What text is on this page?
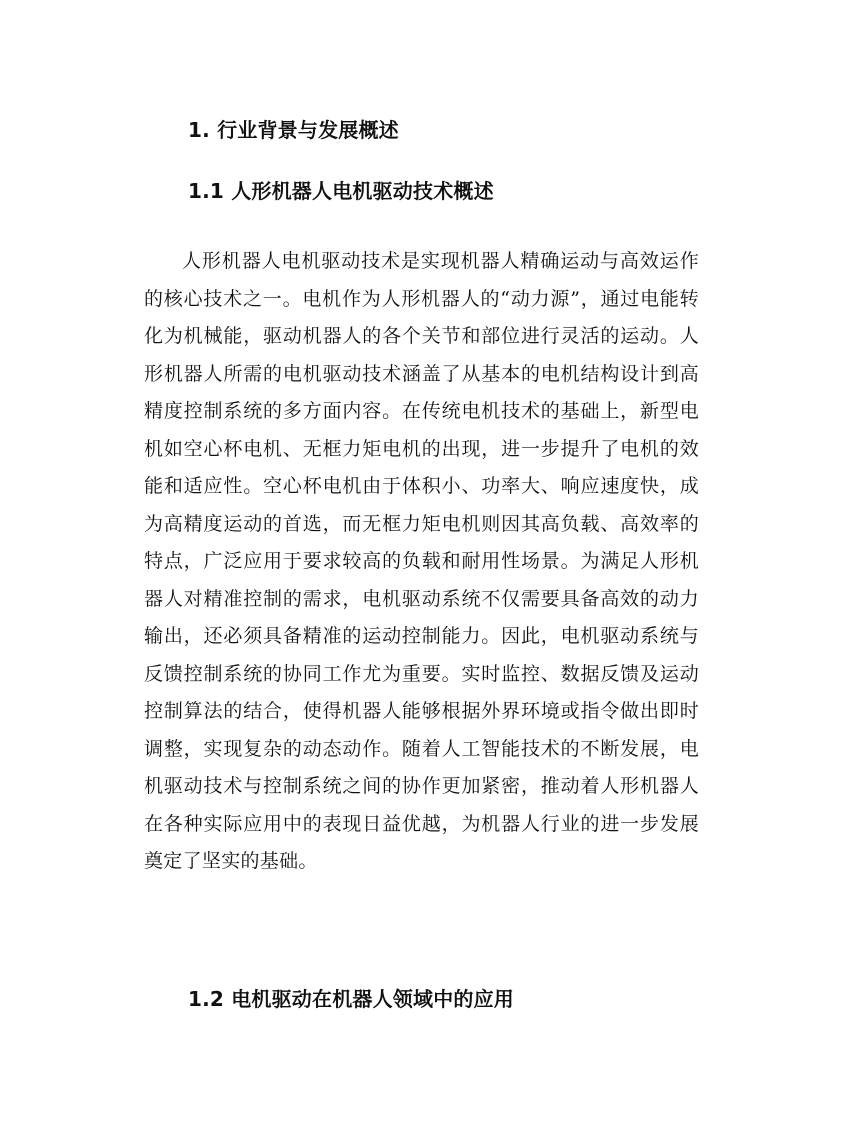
1. 行业背景与发展概述
1.1 人形机器人电机驱动技术概述

人形机器人电机驱动技术是实现机器人精确运动与高效运作的核心技术之一。电机作为人形机器人的“动力源”，通过电能转化为机械能，驱动机器人的各个关节和部位进行灵活的运动。人形机器人所需的电机驱动技术涵盖了从基本的电机结构设计到高精度控制系统的多方面内容。在传统电机技术的基础上，新型电机如空心杯电机、无框力矩电机的出现，进一步提升了电机的效能和适应性。空心杯电机由于体积小、功率大、响应速度快，成为高精度运动的首选，而无框力矩电机则因其高负载、高效率的特点，广泛应用于要求较高的负载和耐用性场景。为满足人形机器人对精准控制的需求，电机驱动系统不仅需要具备高效的动力输出，还必须具备精准的运动控制能力。因此，电机驱动系统与反馈控制系统的协同工作尤为重要。实时监控、数据反馈及运动控制算法的结合，使得机器人能够根据外界环境或指令做出即时调整，实现复杂的动态动作。随着人工智能技术的不断发展，电机驱动技术与控制系统之间的协作更加紧密，推动着人形机器人在各种实际应用中的表现日益优越，为机器人行业的进一步发展奠定了坚实的基础。

1.2 电机驱动在机器人领域中的应用
